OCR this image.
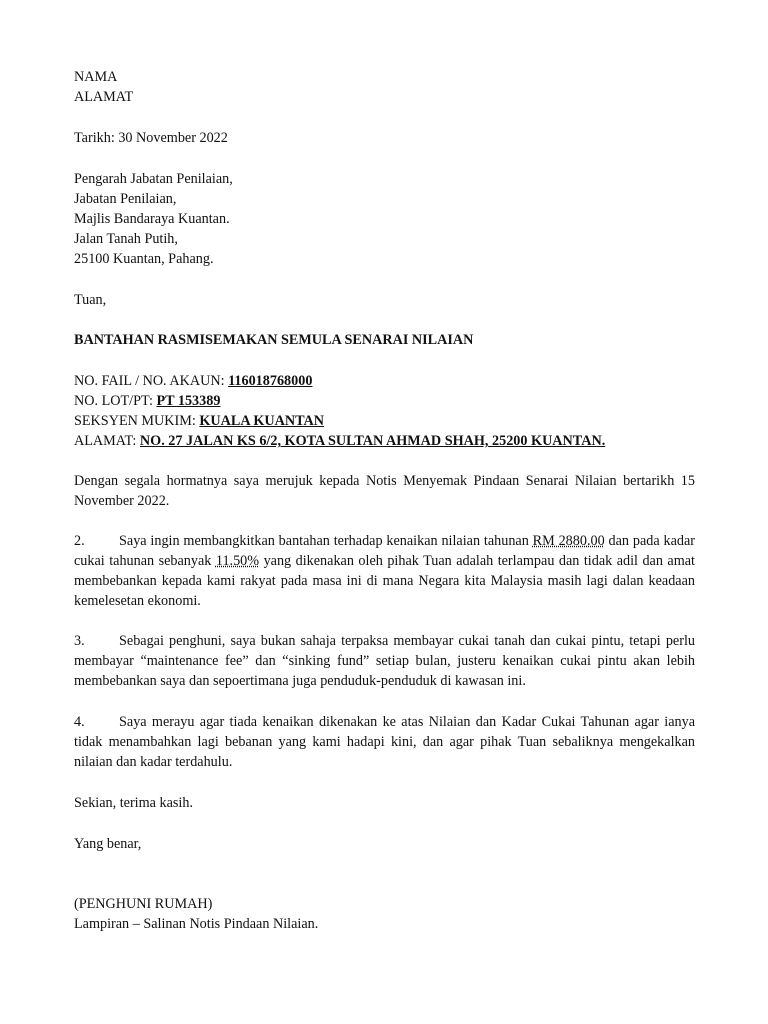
NAMA
ALAMAT
Tarikh: 30 November 2022
Pengarah Jabatan Penilaian,
Jabatan Penilaian,
Majlis Bandaraya Kuantan.
Jalan Tanah Putih,
25100 Kuantan, Pahang.
Tuan,
BANTAHAN RASMISEMAKAN SEMULA SENARAI NILAIAN
NO. FAIL / NO. AKAUN: 116018768000
NO. LOT/PT: PT 153389
SEKSYEN MUKIM: KUALA KUANTAN
ALAMAT: NO. 27 JALAN KS 6/2, KOTA SULTAN AHMAD SHAH, 25200 KUANTAN.
Dengan segala hormatnya saya merujuk kepada Notis Menyemak Pindaan Senarai Nilaian bertarikh 15 November 2022.
2. Saya ingin membangkitkan bantahan terhadap kenaikan nilaian tahunan RM 2880.00 dan pada kadar cukai tahunan sebanyak 11.50% yang dikenakan oleh pihak Tuan adalah terlampau dan tidak adil dan amat membebankan kepada kami rakyat pada masa ini di mana Negara kita Malaysia masih lagi dalan keadaan kemelesetan ekonomi.
3. Sebagai penghuni, saya bukan sahaja terpaksa membayar cukai tanah dan cukai pintu, tetapi perlu membayar “maintenance fee” dan “sinking fund” setiap bulan, justeru kenaikan cukai pintu akan lebih membebankan saya dan sepoertimana juga penduduk-penduduk di kawasan ini.
4. Saya merayu agar tiada kenaikan dikenakan ke atas Nilaian dan Kadar Cukai Tahunan agar ianya tidak menambahkan lagi bebanan yang kami hadapi kini, dan agar pihak Tuan sebaliknya mengekalkan nilaian dan kadar terdahulu.
Sekian, terima kasih.
Yang benar,
(PENGHUNI RUMAH)
Lampiran – Salinan Notis Pindaan Nilaian.
